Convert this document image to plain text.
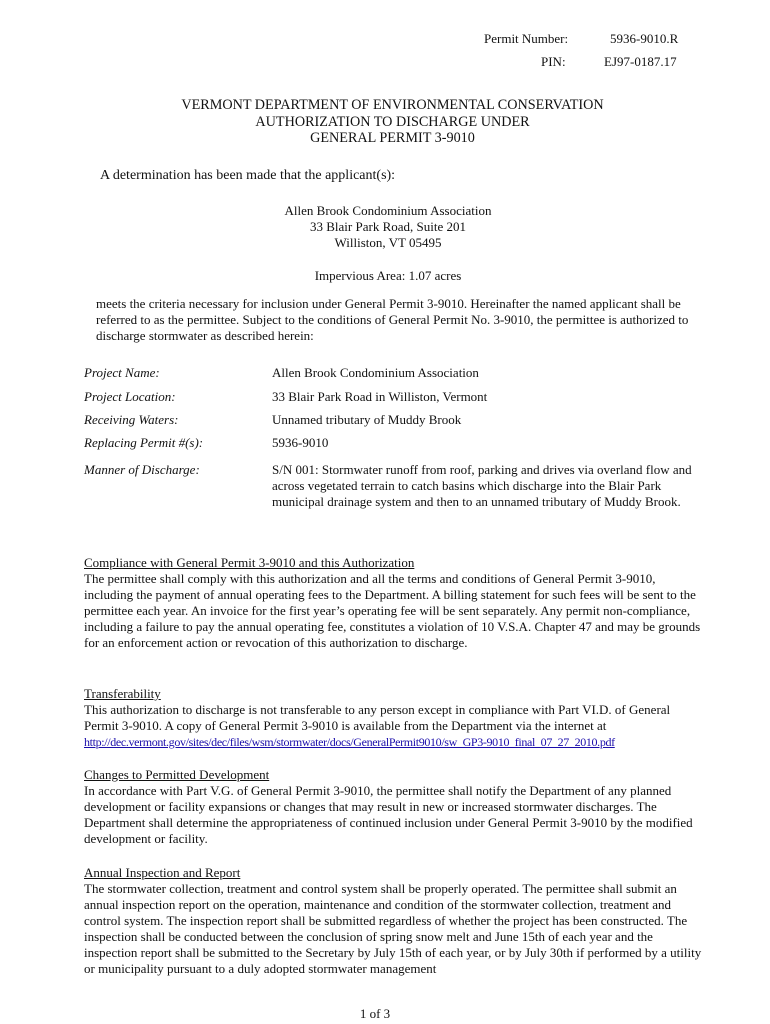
Permit Number:	5936-9010.R
PIN:	EJ97-0187.17
VERMONT DEPARTMENT OF ENVIRONMENTAL CONSERVATION
AUTHORIZATION TO DISCHARGE UNDER
GENERAL PERMIT 3-9010
A determination has been made that the applicant(s):
Allen Brook Condominium Association
33 Blair Park Road, Suite 201
Williston, VT 05495
Impervious Area: 1.07 acres

meets the criteria necessary for inclusion under General Permit 3-9010. Hereinafter the named applicant shall be referred to as the permittee. Subject to the conditions of General Permit No. 3-9010, the permittee is authorized to discharge stormwater as described herein:

Project Name:	Allen Brook Condominium Association
Project Location:	33 Blair Park Road in Williston, Vermont
Receiving Waters:	Unnamed tributary of Muddy Brook
Replacing Permit #(s):	5936-9010
Manner of Discharge:	S/N 001: Stormwater runoff from roof, parking and drives via overland flow and across vegetated terrain to catch basins which discharge into the Blair Park municipal drainage system and then to an unnamed tributary of Muddy Brook.
Compliance with General Permit 3-9010 and this Authorization

The permittee shall comply with this authorization and all the terms and conditions of General Permit 3-9010, including the payment of annual operating fees to the Department. A billing statement for such fees will be sent to the permittee each year. An invoice for the first year’s operating fee will be sent separately. Any permit non-compliance, including a failure to pay the annual operating fee, constitutes a violation of 10 V.S.A. Chapter 47 and may be grounds for an enforcement action or revocation of this authorization to discharge.

Transferability

This authorization to discharge is not transferable to any person except in compliance with Part VI.D. of General Permit 3-9010. A copy of General Permit 3-9010 is available from the Department via the internet at

http://dec.vermont.gov/sites/dec/files/wsm/stormwater/docs/GeneralPermit9010/sw_GP3-9010_final_07_27_2010.pdf
Changes to Permitted Development

In accordance with Part V.G. of General Permit 3-9010, the permittee shall notify the Department of any planned development or facility expansions or changes that may result in new or increased stormwater discharges. The Department shall determine the appropriateness of continued inclusion under General Permit 3-9010 by the modified development or facility.

Annual Inspection and Report

The stormwater collection, treatment and control system shall be properly operated. The permittee shall submit an annual inspection report on the operation, maintenance and condition of the stormwater collection, treatment and control system. The inspection report shall be submitted regardless of whether the project has been constructed. The inspection shall be conducted between the conclusion of spring snow melt and June 15th of each year and the inspection report shall be submitted to the Secretary by July 15th of each year, or by July 30th if performed by a utility or municipality pursuant to a duly adopted stormwater management

1 of 3
